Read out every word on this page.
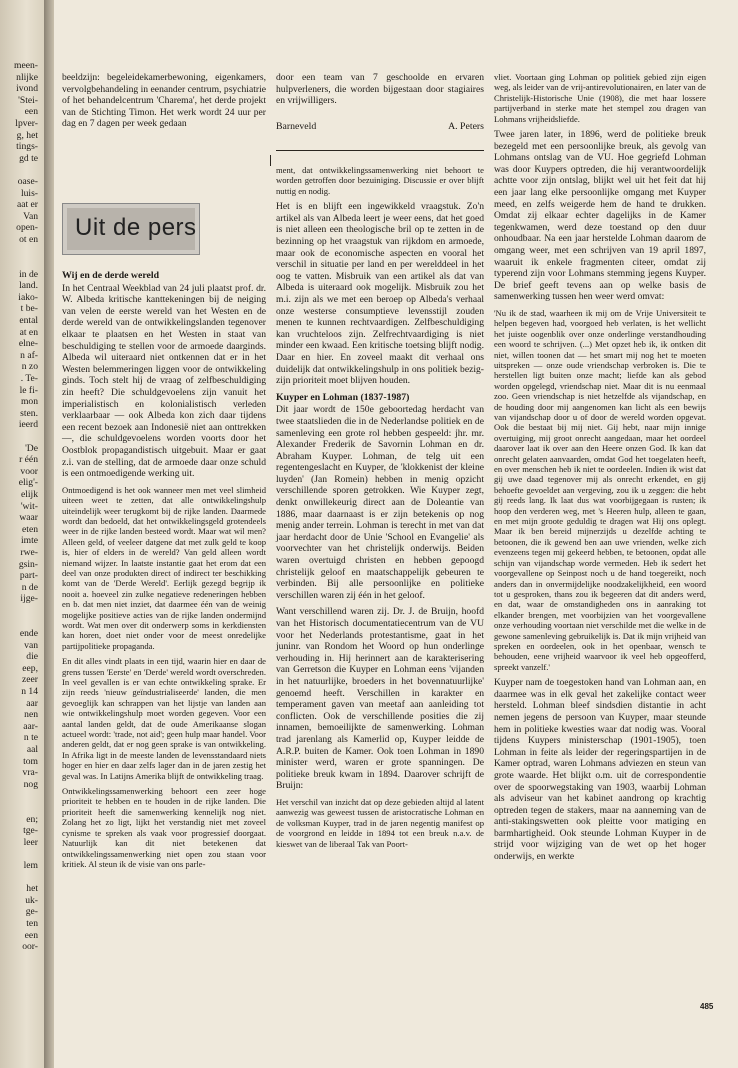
meen-
nlijke
ivond
'Stei-
een
lpver-
g, het
tings-
gd te
oase-
luis-
aat er
Van
open-
ot en
in de
land.
iako-
t be-
ental
at en
elne-
n af-
n zo
. Te-
le fi-
mon
sten.
ieerd
'De
r één
voor
elig'-
elijk
'wit-
waar
eten
imte
rwe-
gsin-
part-
n de
ijge-
ende
van
die
eep,
zeer
n 14
aar
nen
aar-
n te
aal
tom
vra-
nog
en;
tge-
leer
lem
het
uk-
ge-
ten
een
oor-

beeldzijn: begeleidekamerbewoning, eigenkamers, vervolgbehandeling in eenander centrum, psychiatrie of het behandelcentrum 'Charema', het derde projekt van de Stichting Timon. Het werk wordt 24 uur per dag en 7 dagen per week gedaan

door een team van 7 geschoolde en ervaren hulpverleners, die worden bijgestaan door stagiaires en vrijwilligers.

Barneveld	A. Peters
Uit de pers
Wij en de derde wereld

In het Centraal Weekblad van 24 juli plaatst prof. dr. W. Albeda kritische kanttekeningen bij de neiging van velen de eerste wereld van het Westen en de derde wereld van de ontwikkelingslanden tegenover elkaar te plaatsen en het Westen in staat van beschuldiging te stellen voor de armoede daarginds. Albeda wil uiteraard niet ontkennen dat er in het Westen belemmeringen liggen voor de ontwikkeling ginds. Toch stelt hij de vraag of zelfbeschuldiging zin heeft? Die schuldgevoelens zijn vanuit het imperialistisch en kolonialistisch verleden verklaarbaar — ook Albeda kon zich daar tijdens een recent bezoek aan Indonesië niet aan onttrekken —, die schuldgevoelens worden voorts door het Oostblok propagandistisch uitgebuit. Maar er gaat z.i. van de stelling, dat de armoede daar onze schuld is een ontmoedigende werking uit.

Ontmoedigend is het ook wanneer men met veel slimheid uiteen weet te zetten, dat alle ontwikkelingshulp uiteindelijk weer terugkomt bij de rijke landen. Daarmede wordt dan bedoeld, dat het ontwikkelingsgeld grotendeels weer in de rijke landen besteed wordt. Maar wat wil men? Alleen geld, of veeleer datgene dat met zulk geld te koop is, hier of elders in de wereld? Van geld alleen wordt niemand wijzer. In laatste instantie gaat het erom dat een deel van onze produkten direct of indirect ter beschikking komt van de 'Derde Wereld'. Eerlijk gezegd begrijp ik nooit a. hoeveel zin zulke negatieve redeneringen hebben en b. dat men niet inziet, dat daarmee één van de weinig mogelijke positieve acties van de rijke landen ondermijnd wordt. Wat men over dit onderwerp soms in kerkdiensten kan horen, doet niet onder voor de meest onredelijke partijpolitieke propaganda.

En dit alles vindt plaats in een tijd, waarin hier en daar de grens tussen 'Eerste' en 'Derde' wereld wordt overschreden. In veel gevallen is er van echte ontwikkeling sprake. Er zijn reeds 'nieuw geïndustrialiseerde' landen, die men gevoeglijk kan schrappen van het lijstje van landen aan wie ontwikkelingshulp moet worden gegeven. Voor een aantal landen geldt, dat de oude Amerikaanse slogan actueel wordt: 'trade, not aid'; geen hulp maar handel. Voor anderen geldt, dat er nog geen sprake is van ontwikkeling. In Afrika ligt in de meeste landen de levensstandaard niets hoger en hier en daar zelfs lager dan in de jaren zestig het geval was. In Latijns Amerika blijft de ontwikkeling traag.

Ontwikkelingssamenwerking behoort een zeer hoge prioriteit te hebben en te houden in de rijke landen. Die prioriteit heeft die samenwerking kennelijk nog niet. Zolang het zo ligt, lijkt het verstandig niet met zoveel cynisme te spreken als vaak voor progressief doorgaat. Natuurlijk kan dit niet betekenen dat ontwikkelingssamenwerking niet open zou staan voor kritiek. Al steun ik de visie van ons parle-

ment, dat ontwikkelingssamenwerking niet behoort te worden getroffen door bezuiniging. Discussie er over blijft nuttig en nodig.

Het is en blijft een ingewikkeld vraagstuk. Zo'n artikel als van Albeda leert je weer eens, dat het goed is niet alleen een theologische bril op te zetten in de bezinning op het vraagstuk van rijkdom en armoede, maar ook de economische aspecten en vooral het verschil in situatie per land en per werelddeel in het oog te vatten. Misbruik van een artikel als dat van Albeda is uiteraard ook mogelijk. Misbruik zou het m.i. zijn als we met een beroep op Albeda's verhaal onze westerse consumptieve levensstijl zouden menen te kunnen rechtvaardigen. Zelfbeschuldiging kan vruchteloos zijn. Zelfrechtvaardiging is niet minder een kwaad. Een kritische toetsing blijft nodig. Daar en hier. En zoveel maakt dit verhaal ons duidelijk dat ontwikkelingshulp in ons politiek bezig-zijn prioriteit moet blijven houden.

Kuyper en Lohman (1837-1987)

Dit jaar wordt de 150e geboortedag herdacht van twee staatslieden die in de Nederlandse politiek en de samenleving een grote rol hebben gespeeld: jhr. mr. Alexander Frederik de Savornin Lohman en dr. Abraham Kuyper. Lohman, de telg uit een regentengeslacht en Kuyper, de 'klokkenist der kleine luyden' (Jan Romein) hebben in menig opzicht verschillende sporen getrokken. Wie Kuyper zegt, denkt onwillekeurig direct aan de Doleantie van 1886, maar daarnaast is er zijn betekenis op nog menig ander terrein. Lohman is terecht in met van dat jaar herdacht door de Unie 'School en Evangelie' als voorvechter van het christelijk onderwijs. Beiden waren overtuigd christen en hebben gepoogd christelijk geloof en maatschappelijk gebeuren te verbinden. Bij alle persoonlijke en politieke verschillen waren zij één in het geloof.

Want verschillend waren zij. Dr. J. de Bruijn, hoofd van het Historisch documentatiecentrum van de VU voor het Nederlands protestantisme, gaat in het juninr. van Rondom het Woord op hun onderlinge verhouding in. Hij herinnert aan de karakterisering van Gerretson die Kuyper en Lohman eens 'vijanden in het natuurlijke, broeders in het bovennatuurlijke' genoemd heeft. Verschillen in karakter en temperament gaven van meetaf aan aanleiding tot conflicten. Ook de verschillende posities die zij innamen, bemoeilijkte de samenwerking. Lohman trad jarenlang als Kamerlid op, Kuyper leidde de A.R.P. buiten de Kamer. Ook toen Lohman in 1890 minister werd, waren er grote spanningen. De politieke breuk kwam in 1894. Daarover schrijft de Bruijn:

Het verschil van inzicht dat op deze gebieden altijd al latent aanwezig was geweest tussen de aristocratische Lohman en de volksman Kuyper, trad in de jaren negentig manifest op de voorgrond en leidde in 1894 tot een breuk n.a.v. de kieswet van de liberaal Tak van Poort-

vliet. Voortaan ging Lohman op politiek gebied zijn eigen weg, als leider van de vrij-antirevolutionairen, en later van de Christelijk-Historische Unie (1908), die met haar lossere partijverband in sterke mate het stempel zou dragen van Lohmans vrijheidsliefde.

Twee jaren later, in 1896, werd de politieke breuk bezegeld met een persoonlijke breuk, als gevolg van Lohmans ontslag van de VU. Hoe gegriefd Lohman was door Kuypers optreden, die hij verantwoordelijk achtte voor zijn ontslag, blijkt wel uit het feit dat hij een jaar lang elke persoonlijke omgang met Kuyper meed, en zelfs weigerde hem de hand te drukken. Omdat zij elkaar echter dagelijks in de Kamer tegenkwamen, werd deze toestand op den duur onhoudbaar. Na een jaar herstelde Lohman daarom de omgang weer, met een schrijven van 19 april 1897, waaruit ik enkele fragmenten citeer, omdat zij typerend zijn voor Lohmans stemming jegens Kuyper. De brief geeft tevens aan op welke basis de samenwerking tussen hen weer werd omvat:

'Nu ik de stad, waarheen ik mij om de Vrije Universiteit te helpen begeven had, voorgoed heb verlaten, is het wellicht het juiste oogenblik over onze onderlinge verstandhouding een woord te schrijven. (...) Met opzet heb ik, ik ontken dit niet, willen toonen dat — het smart mij nog het te moeten uitspreken — onze oude vriendschap verbroken is. Die te herstellen ligt buiten onze macht; liefde kan als gebod worden opgelegd, vriendschap niet. Maar dit is nu eenmaal zoo. Geen vriendschap is niet hetzelfde als vijandschap, en de houding door mij aangenomen kan licht als een bewijs van vijandschap door u of door de wereld worden opgevat. Ook die bestaat bij mij niet. Gij hebt, naar mijn innige overtuiging, mij groot onrecht aangedaan, maar het oordeel daarover laat ik over aan den Heere onzen God. Ik kan dat onrecht gelaten aanvaarden, omdat God het toegelaten heeft, en over menschen heb ik niet te oordeelen. Indien ik wist dat gij uwe daad tegenover mij als onrecht erkendet, en gij behoefte gevoeldet aan vergeving, zou ik u zeggen: die hebt gij reeds lang. Ik laat dus wat voorbijgegaan is rusten; ik hoop den verderen weg, met 's Heeren hulp, alleen te gaan, en met mijn groote geduldig te dragen wat Hij ons oplegt. Maar ik ben bereid mijnerzijds u dezelfde achting te betoonen, die ik gewend ben aan uwe vrienden, welke zich evenzeens tegen mij gekeerd hebben, te betoonen, opdat alle schijn van vijandschap worde vermeden. Heb ik sedert het voorgevallene op Seinpost noch u de hand toegereikt, noch anders dan in onvermijdelijke noodzakelijkheid, een woord tot u gesproken, thans zou ik begeeren dat dit anders werd, en dat, waar de omstandigheden ons in aanraking tot elkander brengen, met voorbijzien van het voorgevallene onze verhouding voortaan niet verschilde met die welke in de gewone samenleving gebruikelijk is. Dat ik mijn vrijheid van spreken en oordeelen, ook in het openbaar, wensch te behouden, eene vrijheid waarvoor ik veel heb opgeofferd, spreekt vanzelf.'

Kuyper nam de toegestoken hand van Lohman aan, en daarmee was in elk geval het zakelijke contact weer hersteld. Lohman bleef sindsdien distantie in acht nemen jegens de persoon van Kuyper, maar steunde hem in politieke kwesties waar dat nodig was. Vooral tijdens Kuypers ministerschap (1901-1905), toen Lohman in feite als leider der regeringspartijen in de Kamer optrad, waren Lohmans adviezen en steun van grote waarde. Het blijkt o.m. uit de correspondentie over de spoorwegstaking van 1903, waarbij Lohman als adviseur van het kabinet aandrong op krachtig optreden tegen de stakers, maar na aanneming van de anti-stakingswetten ook pleitte voor matiging en barmhartigheid. Ook steunde Lohman Kuyper in de strijd voor wijziging van de wet op het hoger onderwijs, en werkte

485
